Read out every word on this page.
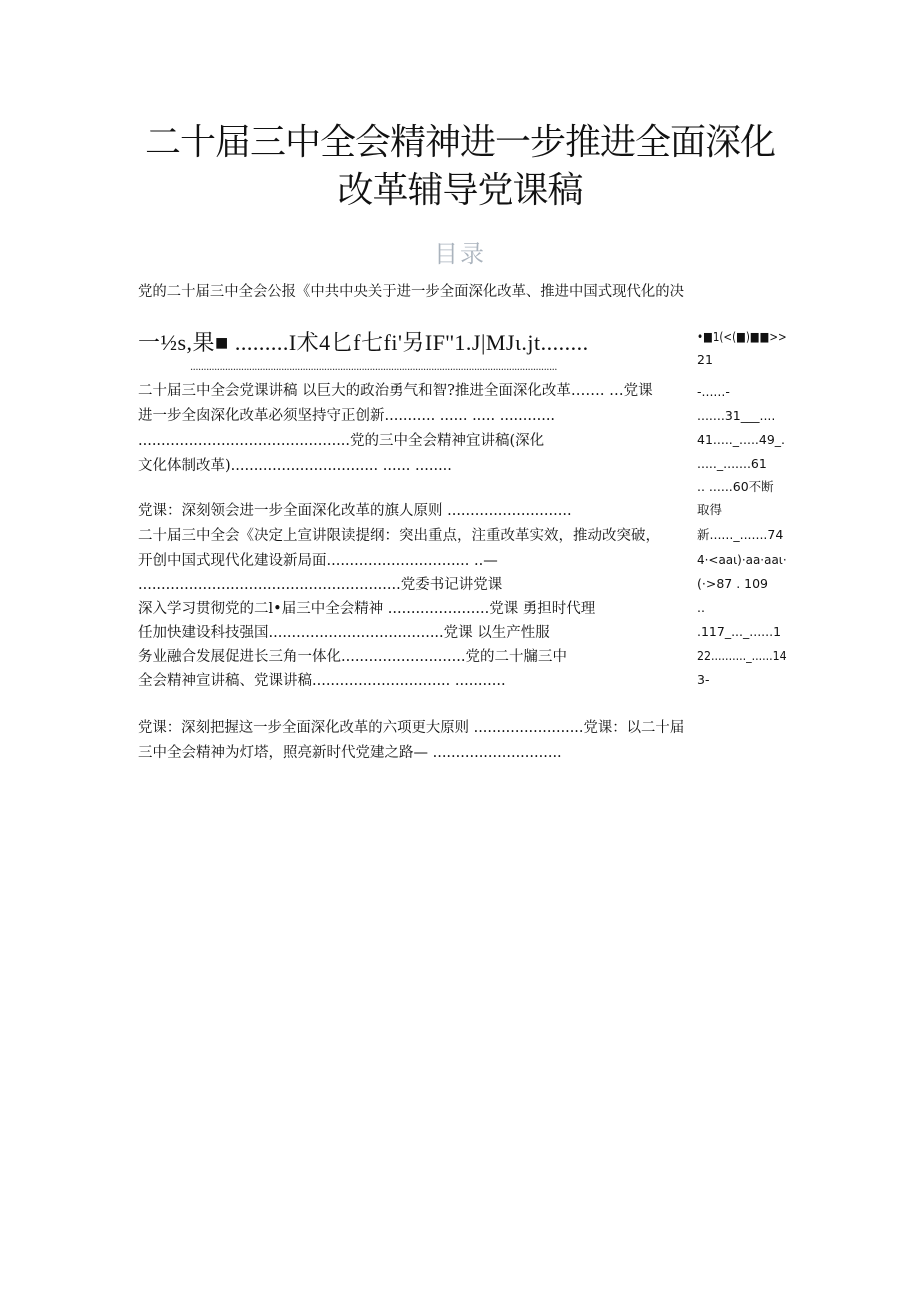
二十届三中全会精神进一步推进全面深化
改革辅导党课稿
目录
党的二十届三中全会公报《中共中央关于进一步全面深化改革、推进中国式现代化的决
一½s,果■ .........I术4匕f七fi'另IF''1.J|MJι.jt........
.........................................................................................................................................
二十届三中全会党课讲稿 以巨大的政治勇气和智?推进全面深化改革……. …党课
进一步全囱深化改革必须坚持守正创新........... ...... ..... ............
..............................................党的三中全会精神宜讲稿(深化
文化体制改革)................................ ...... ........
党课：深刻领会进一步全面深化改革的旗人原则 ...........................
二十届三中全会《决定上宣讲限读提纲：突出重点，注重改革实效，推动改突破，
开创中国式现代化建设新局面............................... ..—
.........................................................党委书记讲党课
深入学习贯彻党的二l•届三中全会精神 ......................党课 勇担时代理
任加快建设科技强国......................................党课 以生产性服
务业融合发展促进长三角一体化...........................党的二十牖三中
全会精神宣讲稿、党课讲稿.............................. ...........
党课：深刻把握这一步全面深化改革的六项更大原则 ........................党课：以二十届
三中全会精神为灯塔，照亮新时代党建之路— ............................
•■1(<(■)■■>>
21
-......-
.......31___....
41....._.....49_.
....._.......61
.. ......60不断
取得
新......_.......74
4·<aaι)·aa·aaι·
(·>87 . 109
..
.117_..._......1
22.........._......14
3-
